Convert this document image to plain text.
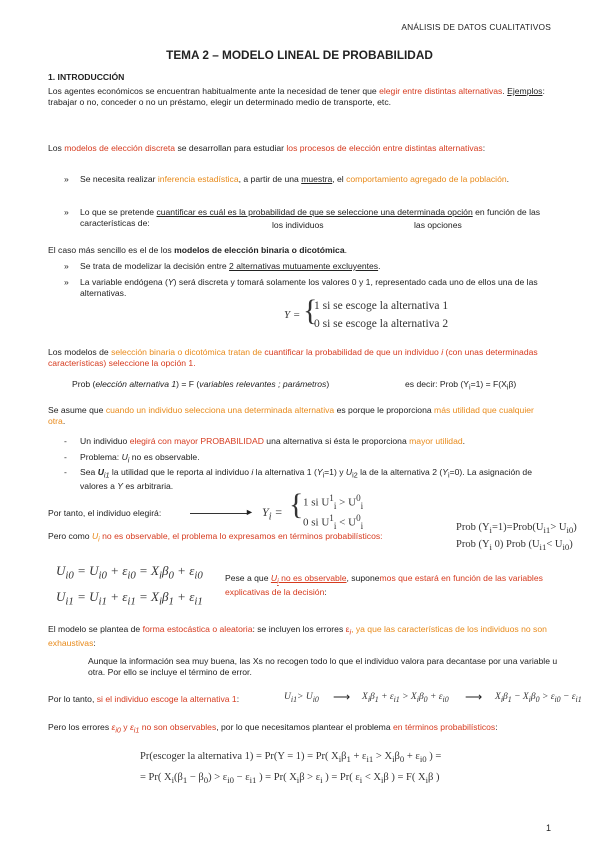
ANÁLISIS DE DATOS CUALITATIVOS
TEMA 2 – MODELO LINEAL DE PROBABILIDAD
1. INTRODUCCIÓN
Los agentes económicos se encuentran habitualmente ante la necesidad de tener que elegir entre distintas alternativas. Ejemplos: trabajar o no, conceder o no un préstamo, elegir un determinado medio de transporte, etc.
Los modelos de elección discreta se desarrollan para estudiar los procesos de elección entre distintas alternativas:
» Se necesita realizar inferencia estadística, a partir de una muestra, el comportamiento agregado de la población.
» Lo que se pretende cuantificar es cuál es la probabilidad de que se seleccione una determinada opción en función de las características de:	los individuos	las opciones
El caso más sencillo es el de los modelos de elección binaria o dicotómica.
» Se trata de modelizar la decisión entre 2 alternativas mutuamente excluyentes.
» La variable endógena (Y) será discreta y tomará solamente los valores 0 y 1, representado cada uno de ellos una de las alternativas.
Y = {
1 si se escoge la alternativa 1
0 si se escoge la alternativa 2
Los modelos de selección binaria o dicotómica tratan de cuantificar la probabilidad de que un individuo i (con unas determinadas características) seleccione la opción 1.
Prob (elección alternativa 1) = F (variables relevantes ; parámetros)	es decir: Prob $(Y_i=1) = F(X_i\beta)$
Se asume que cuando un individuo selecciona una determinada alternativa es porque le proporciona más utilidad que cualquier otra.
- Un individuo elegirá con mayor PROBABILIDAD una alternativa si ésta le proporciona mayor utilidad.
- Problema: $U_i$ no es observable.
- Sea $U_{i1}$ la utilidad que le reporta al individuo i la alternativa 1 $(Y_i=1)$ y $U_{i2}$ la de la alternativa 2 $(Y_i=0)$. La asignación de valores a Y es arbitraria.
Por tanto, el individuo elegirá:	► $Y_i$ = { 1 si $U^1_i > U^0_i$
0 si $U^1_i < U^0_i$	Prob $(Y_i=1)=Prob(U_{i1}> U_{i0})$
Prob ($Y_i$ 0) Prob $(U_{i1}< U_{i0})$
Pero como $U_i$ no es observable, el problema lo expresamos en términos probabilísticos:
$U_{i0} = U_{i0} + \varepsilon_{i0} = X_i\beta_0 + \varepsilon_{i0}$
$U_{i1} = U_{i1} + \varepsilon_{i1} = X_i\beta_1 + \varepsilon_{i1}$
Pese a que $U_i$ no es observable, suponemos que estará en función de las variables explicativas de la decisión:
El modelo se plantea de forma estocástica o aleatoria: se incluyen los errores $\varepsilon_i$, ya que las características de los individuos no son exhaustivas:
Aunque la información sea muy buena, las Xs no recogen todo lo que el individuo valora para decantase por una variable u otra. Por ello se incluye el término de error.
Por lo tanto, si el individuo escoge la alternativa 1:	$U_{i1}> U_{i0}$ ⟶ $X_i\beta_1 + \varepsilon_{i1} > X_i\beta_0 + \varepsilon_{i0}$ ⟶ $X_i\beta_1 - X_i\beta_0 > \varepsilon_{i0} - \varepsilon_{i1}$
Pero los errores $\varepsilon_{i0}$ y $\varepsilon_{i1}$ no son observables, por lo que necesitamos plantear el problema en términos probabilísticos:
Pr(escoger la alternativa 1) = Pr(Y = 1) = Pr( $X_i\beta_1 + \varepsilon_{i1} > X_i\beta_0 + \varepsilon_{i0}$ ) =
= Pr( $X_i(\beta_1 - \beta_0) > \varepsilon_{i0} - \varepsilon_{i1}$ ) = Pr( $X_i\beta > \varepsilon_i$ ) = Pr( $\varepsilon_i < X_i\beta$ ) = F( $X_i\beta$ )
1
